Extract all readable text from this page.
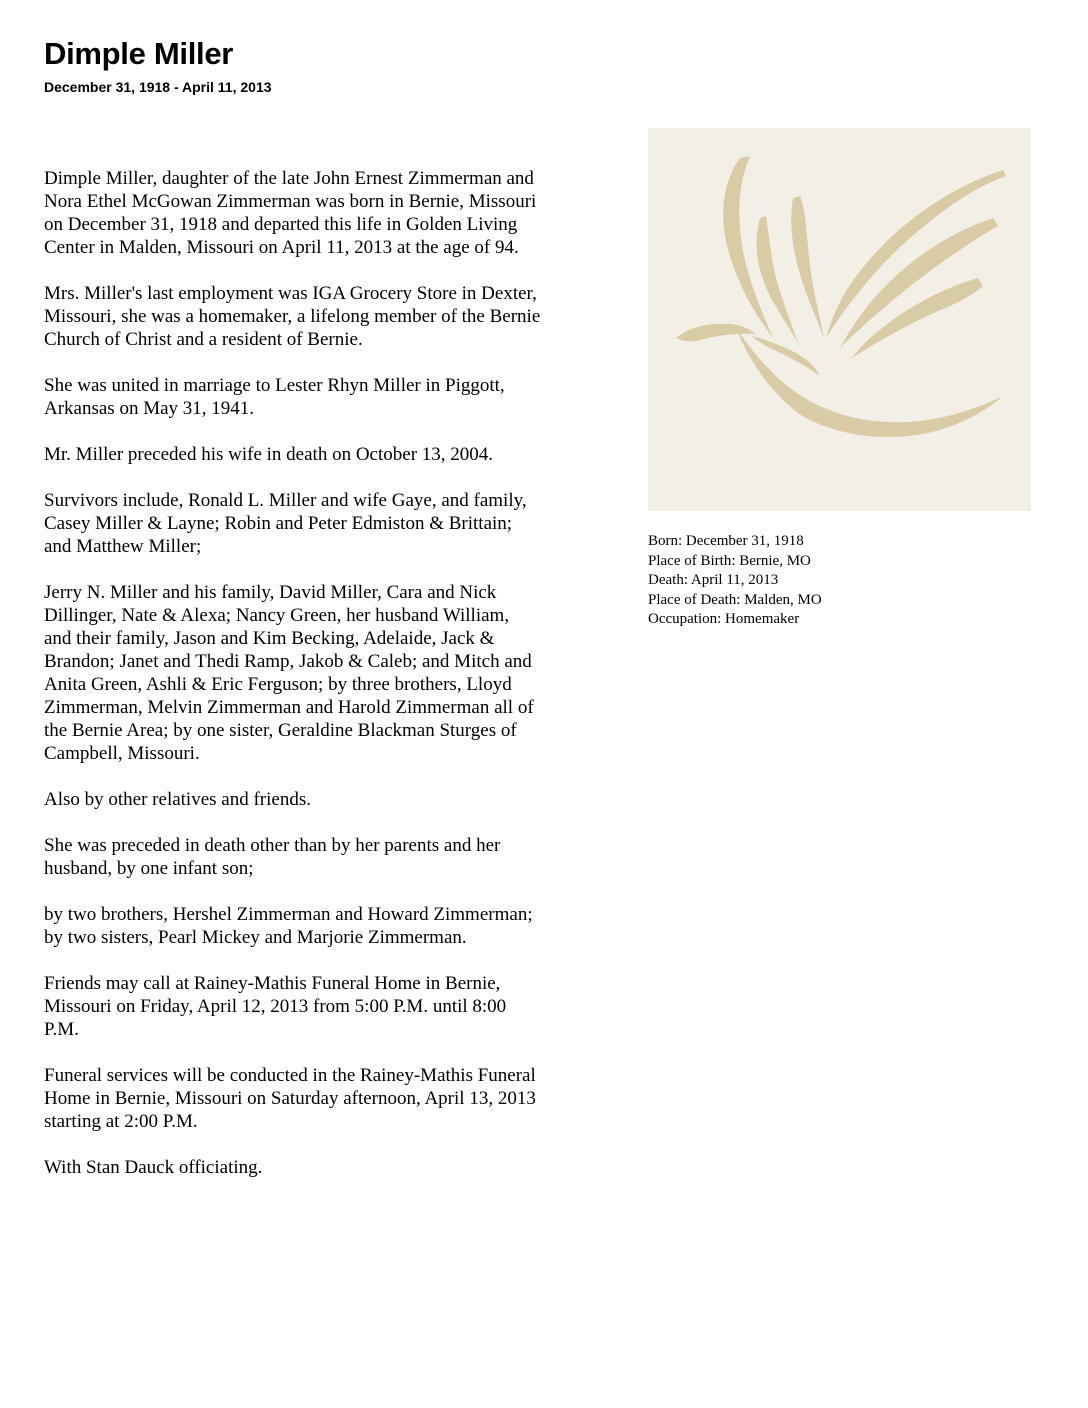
Dimple Miller
December 31, 1918 - April 11, 2013

Dimple Miller, daughter of the late John Ernest Zimmerman and
Nora Ethel McGowan Zimmerman was born in Bernie, Missouri
on December 31, 1918 and departed this life in Golden Living
Center in Malden, Missouri on April 11, 2013 at the age of 94.

Mrs. Miller's last employment was IGA Grocery Store in Dexter,
Missouri, she was a homemaker, a lifelong member of the Bernie
Church of Christ and a resident of Bernie.

She was united in marriage to Lester Rhyn Miller in Piggott,
Arkansas on May 31, 1941.

Mr. Miller preceded his wife in death on October 13, 2004.

Survivors include, Ronald L. Miller and wife Gaye, and family,
Casey Miller & Layne; Robin and Peter Edmiston & Brittain;
and Matthew Miller;

Jerry N. Miller and his family, David Miller, Cara and Nick
Dillinger, Nate & Alexa; Nancy Green, her husband William,
and their family, Jason and Kim Becking, Adelaide, Jack &
Brandon; Janet and Thedi Ramp, Jakob & Caleb; and Mitch and
Anita Green, Ashli & Eric Ferguson; by three brothers, Lloyd
Zimmerman, Melvin Zimmerman and Harold Zimmerman all of
the Bernie Area; by one sister, Geraldine Blackman Sturges of
Campbell, Missouri.

Also by other relatives and friends.

She was preceded in death other than by her parents and her
husband, by one infant son;

by two brothers, Hershel Zimmerman and Howard Zimmerman;
by two sisters, Pearl Mickey and Marjorie Zimmerman.

Friends may call at Rainey-Mathis Funeral Home in Bernie,
Missouri on Friday, April 12, 2013 from 5:00 P.M. until 8:00
P.M.

Funeral services will be conducted in the Rainey-Mathis Funeral
Home in Bernie, Missouri on Saturday afternoon, April 13, 2013
starting at 2:00 P.M.

With Stan Dauck officiating.

Born: December 31, 1918
Place of Birth: Bernie, MO
Death: April 11, 2013
Place of Death: Malden, MO
Occupation: Homemaker
